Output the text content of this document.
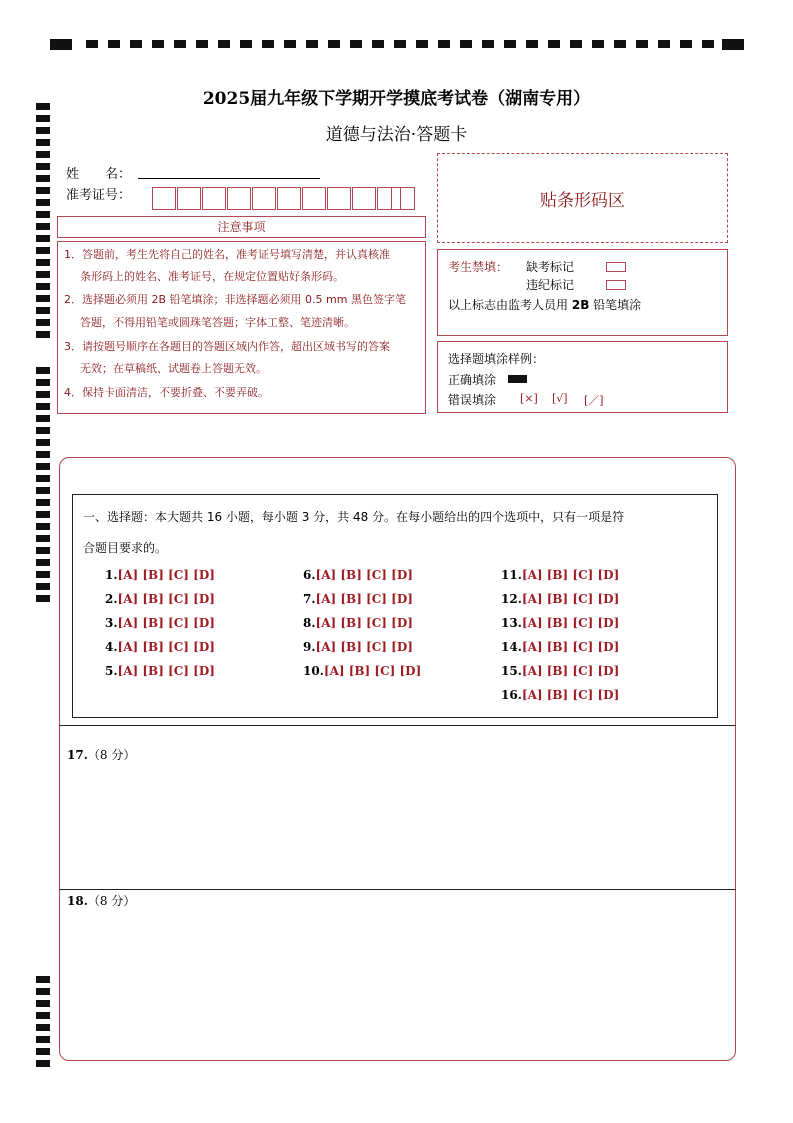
2025届九年级下学期开学摸底考试卷（湖南专用）
道德与法治·答题卡
姓　　名：
准考证号：	贴条形码区
注意事项
1．答题前，考生先将自己的姓名，准考证号填写清楚，并认真核准
条形码上的姓名、准考证号，在规定位置贴好条形码。
2．选择题必须用 2B 铅笔填涂；非选择题必须用 0.5 mm 黑色签字笔
答题，不得用铅笔或圆珠笔答题；字体工整、笔迹清晰。
3．请按题号顺序在各题目的答题区域内作答，超出区域书写的答案
无效；在草稿纸、试题卷上答题无效。
4．保持卡面清洁，不要折叠、不要弄破。
考生禁填： 缺考标记
违纪标记
以上标志由监考人员用 2B 铅笔填涂
选择题填涂样例：
正确填涂
错误填涂 [×] [√] [／]
一、选择题：本大题共 16 小题，每小题 3 分，共 48 分。在每小题给出的四个选项中，只有一项是符
合题目要求的。
1.[A] [B] [C] [D]
2.[A] [B] [C] [D]
3.[A] [B] [C] [D]
4.[A] [B] [C] [D]
5.[A] [B] [C] [D]
6.[A] [B] [C] [D]
7.[A] [B] [C] [D]
8.[A] [B] [C] [D]
9.[A] [B] [C] [D]
10.[A] [B] [C] [D]
11.[A] [B] [C] [D]
12.[A] [B] [C] [D]
13.[A] [B] [C] [D]
14.[A] [B] [C] [D]
15.[A] [B] [C] [D]
16.[A] [B] [C] [D]
17.（8 分）
18.（8 分）
